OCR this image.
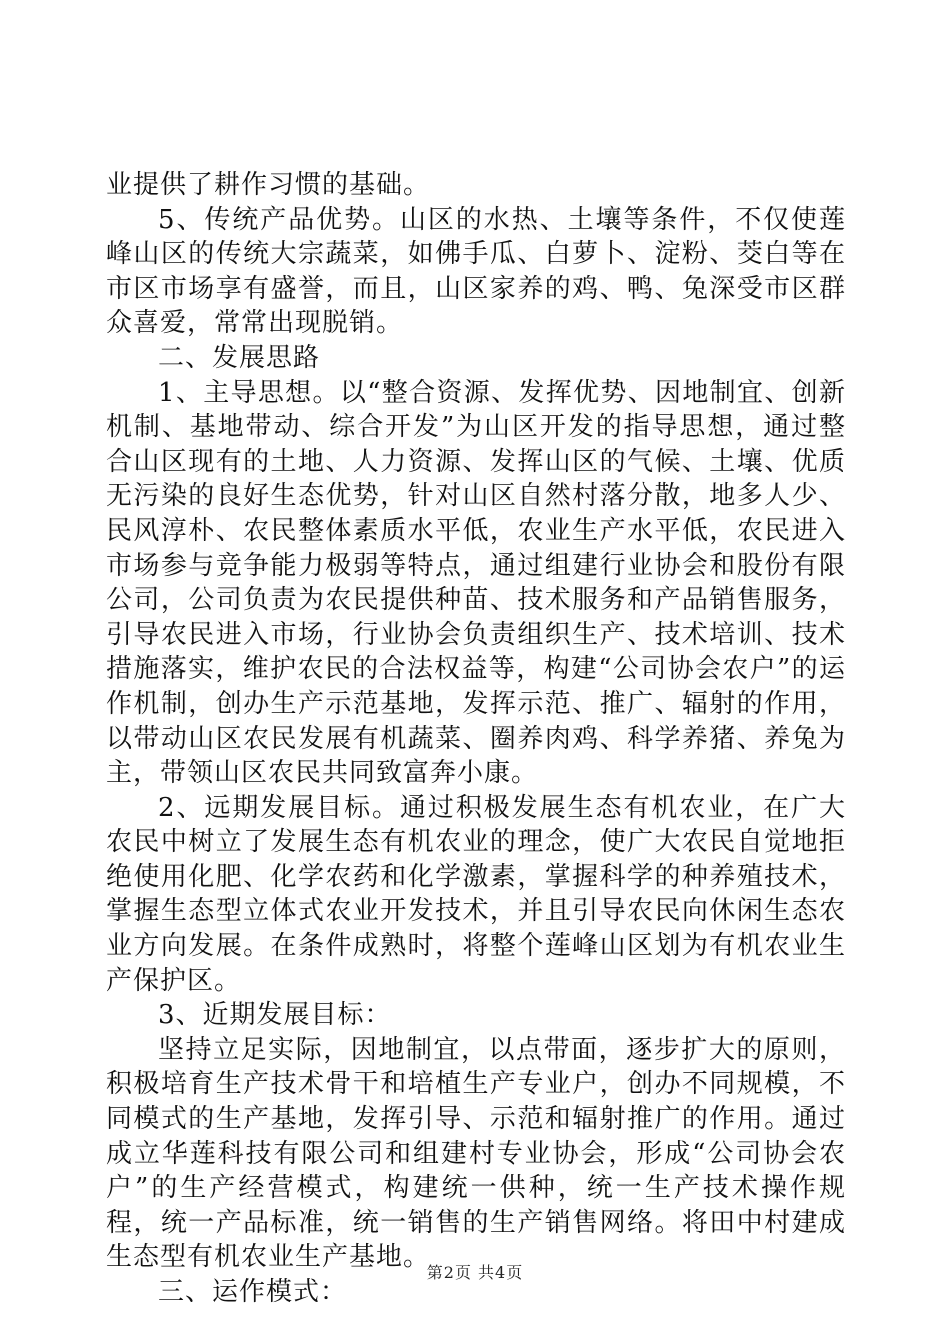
业提供了耕作习惯的基础。

5、传统产品优势。山区的水热、土壤等条件，不仅使莲峰山区的传统大宗蔬菜，如佛手瓜、白萝卜、淀粉、茭白等在市区市场享有盛誉，而且，山区家养的鸡、鸭、兔深受市区群众喜爱，常常出现脱销。

二、发展思路

1、主导思想。以“整合资源、发挥优势、因地制宜、创新机制、基地带动、综合开发”为山区开发的指导思想，通过整合山区现有的土地、人力资源、发挥山区的气候、土壤、优质无污染的良好生态优势，针对山区自然村落分散，地多人少、民风淳朴、农民整体素质水平低，农业生产水平低，农民进入市场参与竞争能力极弱等特点，通过组建行业协会和股份有限公司，公司负责为农民提供种苗、技术服务和产品销售服务，引导农民进入市场，行业协会负责组织生产、技术培训、技术措施落实，维护农民的合法权益等，构建“公司协会农户”的运作机制，创办生产示范基地，发挥示范、推广、辐射的作用，以带动山区农民发展有机蔬菜、圈养肉鸡、科学养猪、养兔为主，带领山区农民共同致富奔小康。

2、远期发展目标。通过积极发展生态有机农业，在广大农民中树立了发展生态有机农业的理念，使广大农民自觉地拒绝使用化肥、化学农药和化学激素，掌握科学的种养殖技术，掌握生态型立体式农业开发技术，并且引导农民向休闲生态农业方向发展。在条件成熟时，将整个莲峰山区划为有机农业生产保护区。

3、近期发展目标：

坚持立足实际，因地制宜，以点带面，逐步扩大的原则，积极培育生产技术骨干和培植生产专业户，创办不同规模，不同模式的生产基地，发挥引导、示范和辐射推广的作用。通过成立华莲科技有限公司和组建村专业协会，形成“公司协会农户”的生产经营模式，构建统一供种，统一生产技术操作规程，统一产品标准，统一销售的生产销售网络。将田中村建成生态型有机农业生产基地。

三、运作模式：

第2页 共4页
